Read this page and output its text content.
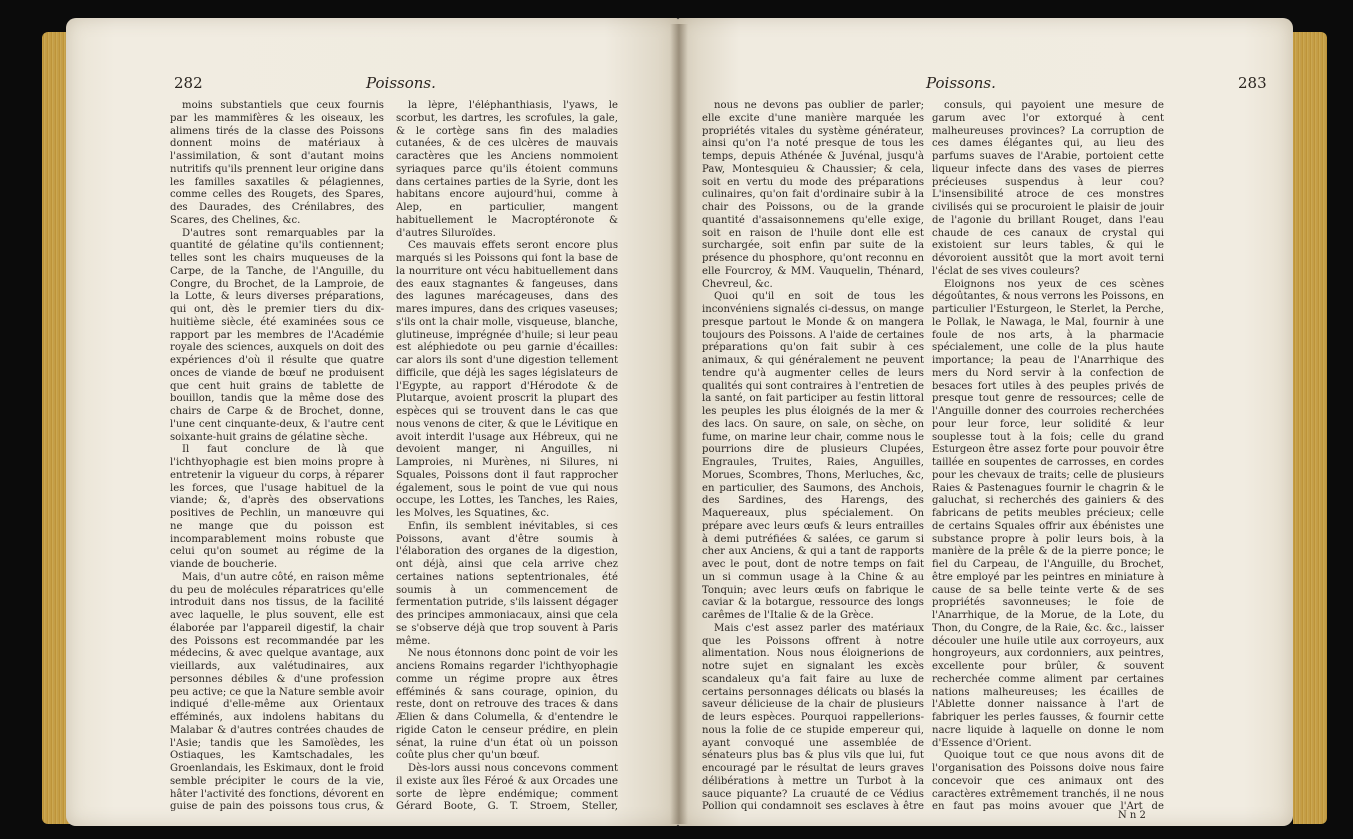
282	Poissons.

moins substantiels que ceux fournis par les mammifères & les oiseaux, les alimens tirés de la classe des Poissons donnent moins de matériaux à l'assimilation, & sont d'autant moins nutritifs qu'ils prennent leur origine dans les familles saxatiles & pélagiennes, comme celles des Rougets, des Spares, des Daurades, des Crénilabres, des Scares, des Chelines, &c.

D'autres sont remarquables par la quantité de gélatine qu'ils contiennent; telles sont les chairs muqueuses de la Carpe, de la Tanche, de l'Anguille, du Congre, du Brochet, de la Lamproie, de la Lotte, & leurs diverses préparations, qui ont, dès le premier tiers du dix-huitième siècle, été examinées sous ce rapport par les membres de l'Académie royale des sciences, auxquels on doit des expériences d'où il résulte que quatre onces de viande de bœuf ne produisent que cent huit grains de tablette de bouillon, tandis que la même dose des chairs de Carpe & de Brochet, donne, l'une cent cinquante-deux, & l'autre cent soixante-huit grains de gélatine sèche.

Il faut conclure de là que l'ichthyophagie est bien moins propre à entretenir la vigueur du corps, à réparer les forces, que l'usage habituel de la viande; &, d'après des observations positives de Pechlin, un manœuvre qui ne mange que du poisson est incomparablement moins robuste que celui qu'on soumet au régime de la viande de boucherie.

Mais, d'un autre côté, en raison même du peu de molécules réparatrices qu'elle introduit dans nos tissus, de la facilité avec laquelle, le plus souvent, elle est élaborée par l'appareil digestif, la chair des Poissons est recommandée par les médecins, & avec quelque avantage, aux vieillards, aux valétudinaires, aux personnes débiles & d'une profession peu active; ce que la Nature semble avoir indiqué d'elle-même aux Orientaux efféminés, aux indolens habitans du Malabar & d'autres contrées chaudes de l'Asie; tandis que les Samoïèdes, les Ostiaques, les Kamtschadales, les Groenlandais, les Eskimaux, dont le froid semble précipiter le cours de la vie, hâter l'activité des fonctions, dévorent en guise de pain des poissons tous crus, &

la lèpre, l'éléphanthiasis, l'yaws, le scorbut, les dartres, les scrofules, la gale, & le cortège sans fin des maladies cutanées, & de ces ulcères de mauvais caractères que les Anciens nommoient syriaques parce qu'ils étoient communs dans certaines parties de la Syrie, dont les habitans encore aujourd'hui, comme à Alep, en particulier, mangent habituellement le Macroptéronote & d'autres Siluroïdes.

Ces mauvais effets seront encore plus marqués si les Poissons qui font la base de la nourriture ont vécu habituellement dans des eaux stagnantes & fangeuses, dans des lagunes marécageuses, dans des mares impures, dans des criques vaseuses; s'ils ont la chair molle, visqueuse, blanche, glutineuse, imprégnée d'huile; si leur peau est aléphiedote ou peu garnie d'écailles: car alors ils sont d'une digestion tellement difficile, que déjà les sages législateurs de l'Egypte, au rapport d'Hérodote & de Plutarque, avoient proscrit la plupart des espèces qui se trouvent dans le cas que nous venons de citer, & que le Lévitique en avoit interdit l'usage aux Hébreux, qui ne devoient manger, ni Anguilles, ni Lamproies, ni Murènes, ni Silures, ni Squales, Poissons dont il faut rapprocher également, sous le point de vue qui nous occupe, les Lottes, les Tanches, les Raies, les Molves, les Squatines, &c.

Enfin, ils semblent inévitables, si ces Poissons, avant d'être soumis à l'élaboration des organes de la digestion, ont déjà, ainsi que cela arrive chez certaines nations septentrionales, été soumis à un commencement de fermentation putride, s'ils laissent dégager des principes ammoniacaux, ainsi que cela se s'observe déjà que trop souvent à Paris même.

Ne nous étonnons donc point de voir les anciens Romains regarder l'ichthyophagie comme un régime propre aux êtres efféminés & sans courage, opinion, du reste, dont on retrouve des traces & dans Ælien & dans Columella, & d'entendre le rigide Caton le censeur prédire, en plein sénat, la ruine d'un état où un poisson coûte plus cher qu'un bœuf.

Dès-lors aussi nous concevons comment il existe aux îles Féroé & aux Orcades une sorte de lèpre endémique; comment Gérard Boote, G. T. Stroem, Steller,

Poissons.	283

nous ne devons pas oublier de parler; elle excite d'une manière marquée les propriétés vitales du système générateur, ainsi qu'on l'a noté presque de tous les temps, depuis Athénée & Juvénal, jusqu'à Paw, Montesquieu & Chaussier; & cela, soit en vertu du mode des préparations culinaires, qu'on fait d'ordinaire subir à la chair des Poissons, ou de la grande quantité d'assaisonnemens qu'elle exige, soit en raison de l'huile dont elle est surchargée, soit enfin par suite de la présence du phosphore, qu'ont reconnu en elle Fourcroy, & MM. Vauquelin, Thénard, Chevreul, &c.

Quoi qu'il en soit de tous les inconvéniens signalés ci-dessus, on mange presque partout le Monde & on mangera toujours des Poissons. A l'aide de certaines préparations qu'on fait subir à ces animaux, & qui généralement ne peuvent tendre qu'à augmenter celles de leurs qualités qui sont contraires à l'entretien de la santé, on fait participer au festin littoral les peuples les plus éloignés de la mer & des lacs. On saure, on sale, on sèche, on fume, on marine leur chair, comme nous le pourrions dire de plusieurs Clupées, Engraules, Truites, Raies, Anguilles, Morues, Scombres, Thons, Merluches, &c, en particulier, des Saumons, des Anchois, des Sardines, des Harengs, des Maquereaux, plus spécialement. On prépare avec leurs œufs & leurs entrailles à demi putréfiées & salées, ce garum si cher aux Anciens, & qui a tant de rapports avec le pout, dont de notre temps on fait un si commun usage à la Chine & au Tonquin; avec leurs œufs on fabrique le caviar & la botargue, ressource des longs carêmes de l'Italie & de la Grèce.

Mais c'est assez parler des matériaux que les Poissons offrent à notre alimentation. Nous nous éloignerions de notre sujet en signalant les excès scandaleux qu'a fait faire au luxe de certains personnages délicats ou blasés la saveur délicieuse de la chair de plusieurs de leurs espèces. Pourquoi rappellerions-nous la folie de ce stupide empereur qui, ayant convoqué une assemblée de sénateurs plus bas & plus vils que lui, fut encouragé par le résultat de leurs graves délibérations à mettre un Turbot à la sauce piquante? La cruauté de ce Védius Pollion qui condamnoit ses esclaves à être

consuls, qui payoient une mesure de garum avec l'or extorqué à cent malheureuses provinces? La corruption de ces dames élégantes qui, au lieu des parfums suaves de l'Arabie, portoient cette liqueur infecte dans des vases de pierres précieuses suspendus à leur cou? L'insensibilité atroce de ces monstres civilisés qui se procuroient le plaisir de jouir de l'agonie du brillant Rouget, dans l'eau chaude de ces canaux de crystal qui existoient sur leurs tables, & qui le dévoroient aussitôt que la mort avoit terni l'éclat de ses vives couleurs?

Eloignons nos yeux de ces scènes dégoûtantes, & nous verrons les Poissons, en particulier l'Esturgeon, le Sterlet, la Perche, le Pollak, le Nawaga, le Mal, fournir à une foule de nos arts, à la pharmacie spécialement, une colle de la plus haute importance; la peau de l'Anarrhique des mers du Nord servir à la confection de besaces fort utiles à des peuples privés de presque tout genre de ressources; celle de l'Anguille donner des courroies recherchées pour leur force, leur solidité & leur souplesse tout à la fois; celle du grand Esturgeon être assez forte pour pouvoir être taillée en soupentes de carrosses, en cordes pour les chevaux de traits; celle de plusieurs Raies & Pastenagues fournir le chagrin & le galuchat, si recherchés des gainiers & des fabricans de petits meubles précieux; celle de certains Squales offrir aux ébénistes une substance propre à polir leurs bois, à la manière de la prêle & de la pierre ponce; le fiel du Carpeau, de l'Anguille, du Brochet, être employé par les peintres en miniature à cause de sa belle teinte verte & de ses propriétés savonneuses; le foie de l'Anarrhique, de la Morue, de la Lote, du Thon, du Congre, de la Raie, &c. &c., laisser découler une huile utile aux corroyeurs, aux hongroyeurs, aux cordonniers, aux peintres, excellente pour brûler, & souvent recherchée comme aliment par certaines nations malheureuses; les écailles de l'Ablette donner naissance à l'art de fabriquer les perles fausses, & fournir cette nacre liquide à laquelle on donne le nom d'Essence d'Orient.

Quoique tout ce que nous avons dit de l'organisation des Poissons doive nous faire concevoir que ces animaux ont des caractères extrêmement tranchés, il ne nous en faut pas moins avouer que l'Art de

N n 2
